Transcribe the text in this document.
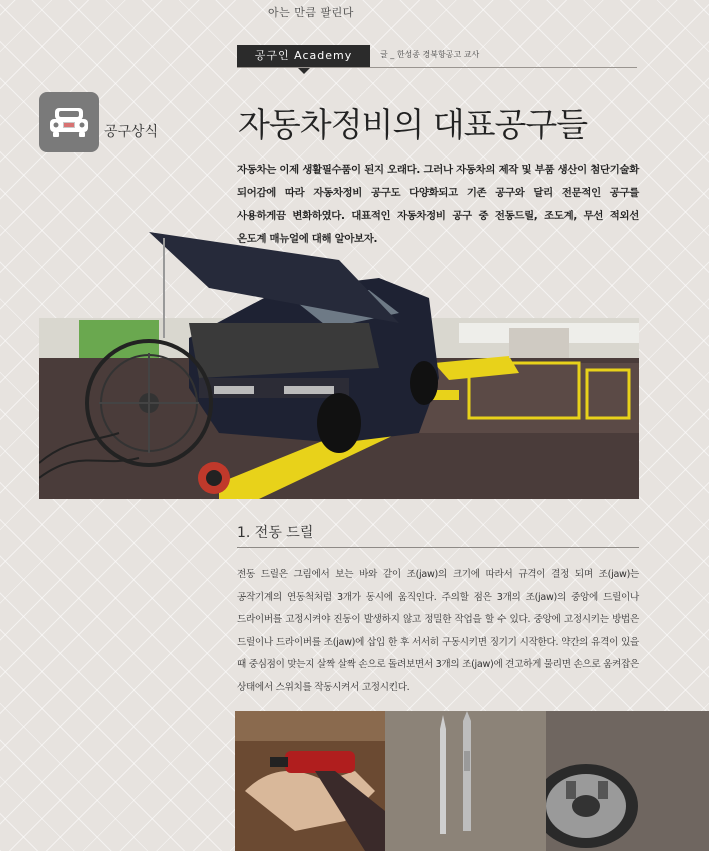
아는 만큼 팔린다
공구인 Academy	글 _ 한성종 경북항공고 교사
공구상식 자동차정비의 대표공구들

자동차는 이제 생활필수품이 된지 오래다. 그러나 자동차의 제작 및 부품 생산이 첨단기술화 되어감에 따라 자동차정비 공구도 다양화되고 기존 공구와 달리 전문적인 공구를 사용하게끔 변화하였다. 대표적인 자동차정비 공구 중 전동드릴, 조도계, 무선 적외선 온도계 매뉴얼에 대해 알아보자.

1. 전동 드릴

전동 드릴은 그림에서 보는 바와 같이 조(jaw)의 크기에 따라서 규격이 결정 되며 조(jaw)는 공작기계의 연동척처럼 3개가 동시에 움직인다. 주의할 점은 3개의 조(jaw)의 중앙에 드릴이나 드라이버를 고정시켜야 진동이 발생하지 않고 정밀한 작업을 할 수 있다. 중앙에 고정시키는 방법은 드릴이나 드라이버를 조(jaw)에 삽입 한 후 서서히 구동시키면 징기기 시작한다. 약간의 유격이 있을 때 중심점이 맞는지 살짝 살짝 손으로 돌려보면서 3개의 조(jaw)에 견고하게 물리면 손으로 움켜잡은 상태에서 스위치를 작동시켜서 고정시킨다.
